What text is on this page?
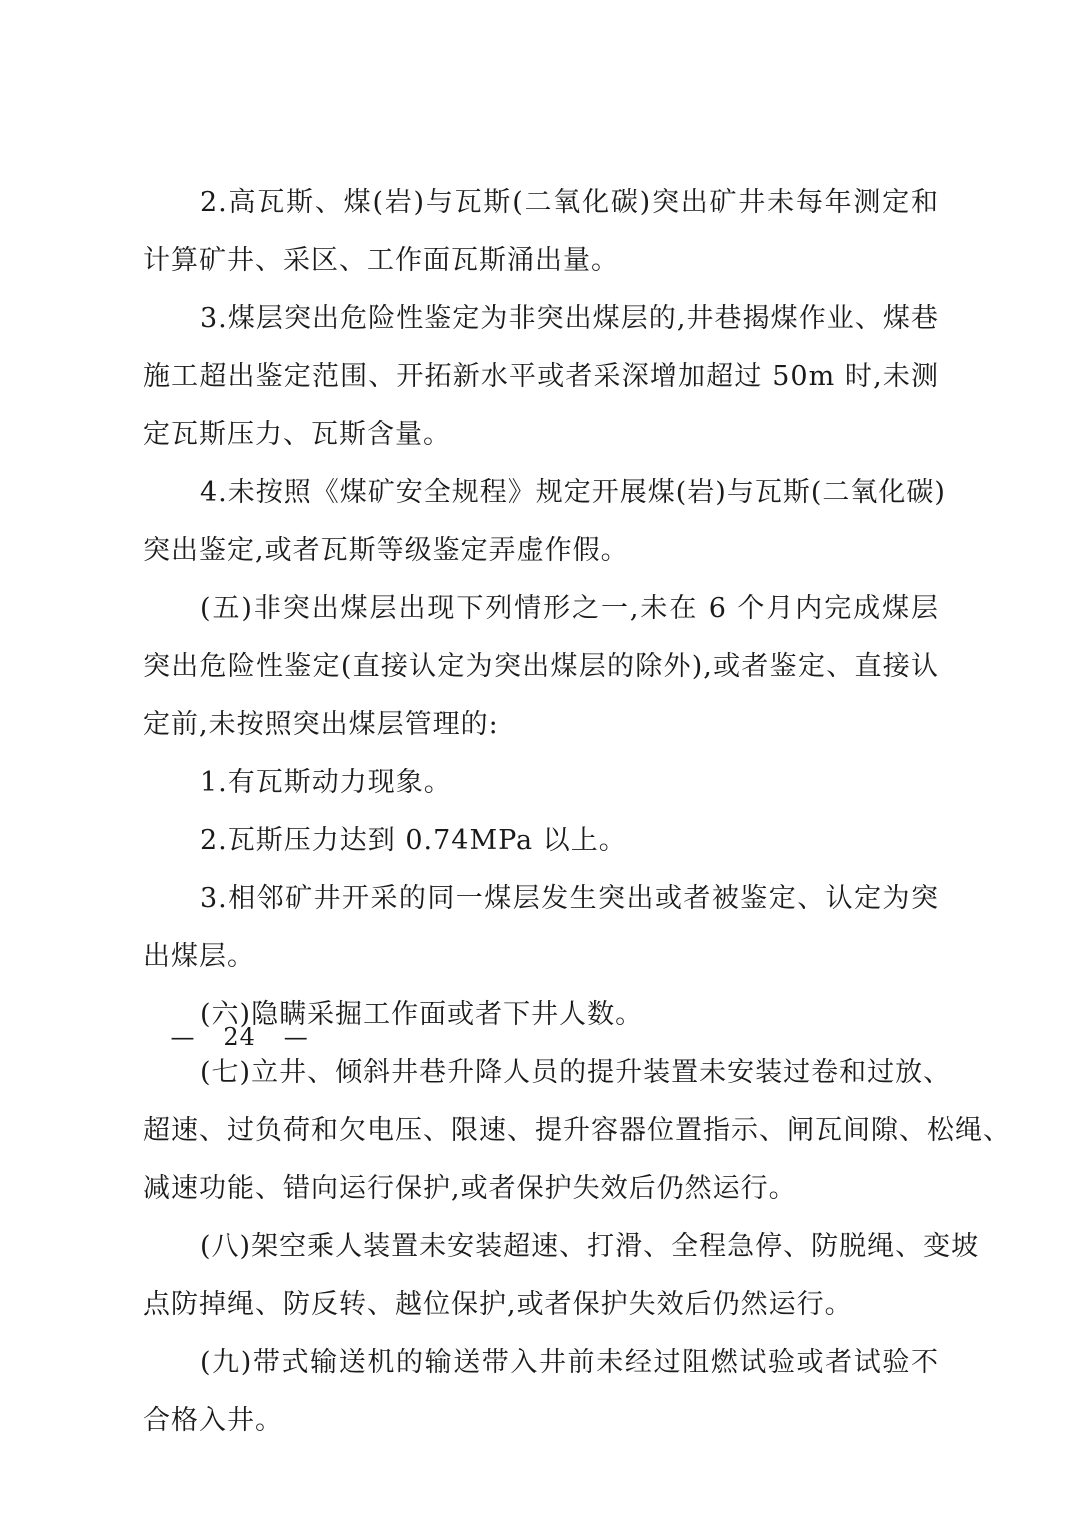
2.高瓦斯、煤(岩)与瓦斯(二氧化碳)突出矿井未每年测定和
计算矿井、采区、工作面瓦斯涌出量。
3.煤层突出危险性鉴定为非突出煤层的,井巷揭煤作业、煤巷
施工超出鉴定范围、开拓新水平或者采深增加超过 50m 时,未测
定瓦斯压力、瓦斯含量。
4.未按照《煤矿安全规程》规定开展煤(岩)与瓦斯(二氧化碳)
突出鉴定,或者瓦斯等级鉴定弄虚作假。
(五)非突出煤层出现下列情形之一,未在 6 个月内完成煤层
突出危险性鉴定(直接认定为突出煤层的除外),或者鉴定、直接认
定前,未按照突出煤层管理的:
1.有瓦斯动力现象。
2.瓦斯压力达到 0.74MPa 以上。
3.相邻矿井开采的同一煤层发生突出或者被鉴定、认定为突
出煤层。
(六)隐瞒采掘工作面或者下井人数。
(七)立井、倾斜井巷升降人员的提升装置未安装过卷和过放、
超速、过负荷和欠电压、限速、提升容器位置指示、闸瓦间隙、松绳、
减速功能、错向运行保护,或者保护失效后仍然运行。
(八)架空乘人装置未安装超速、打滑、全程急停、防脱绳、变坡
点防掉绳、防反转、越位保护,或者保护失效后仍然运行。
(九)带式输送机的输送带入井前未经过阻燃试验或者试验不
合格入井。
— 24 —
